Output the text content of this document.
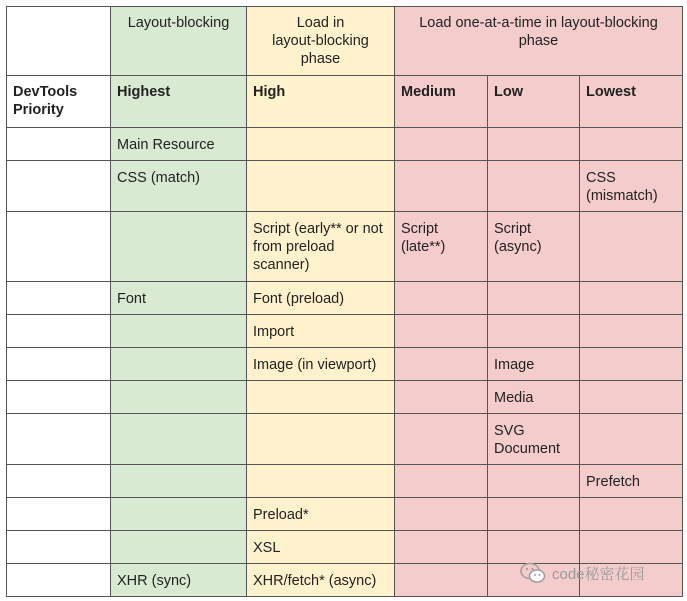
	Layout-blocking	Load in
layout-blocking
phase	Load one-at-a-time in layout-blocking
phase		
DevTools
Priority	Highest	High	Medium	Low	Lowest
	Main Resource				
	CSS (match)				CSS
(mismatch)
		Script (early** or not
from preload
scanner)	Script
(late**)	Script
(async)	
	Font	Font (preload)			
		Import			
		Image (in viewport)		Image	
				Media	
				SVG
Document	
					Prefetch
		Preload*			
		XSL			
	XHR (sync)	XHR/fetch* (async)				code秘密花园
